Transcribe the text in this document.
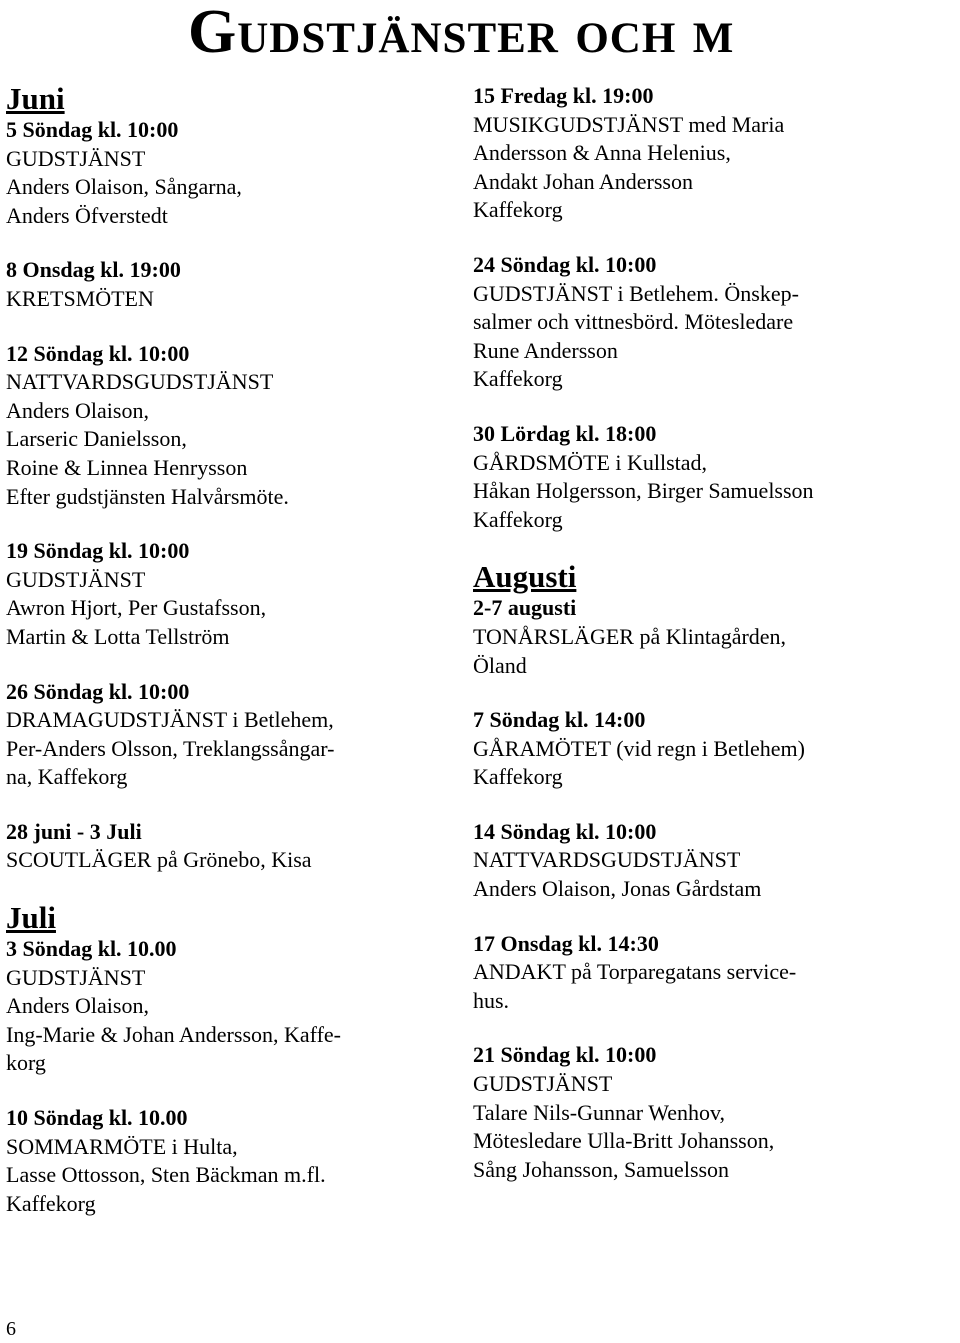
Gudstjänster och m
Juni
5 Söndag kl. 10:00
GUDSTJÄNST
Anders Olaison, Sångarna,
Anders Öfverstedt
8 Onsdag kl. 19:00
KRETSMÖTEN
12 Söndag kl. 10:00
NATTVARDSGUDSTJÄNST
Anders Olaison,
Larseric Danielsson,
Roine & Linnea Henrysson
Efter gudstjänsten Halvårsmöte.
19 Söndag kl. 10:00
GUDSTJÄNST
Awron Hjort, Per Gustafsson,
Martin & Lotta Tellström
26 Söndag kl. 10:00
DRAMAGUDSTJÄNST i Betlehem,
Per-Anders Olsson, Treklangssångar-
na, Kaffekorg
28 juni - 3 Juli
SCOUTLÄGER på Grönebo, Kisa
Juli
3 Söndag kl. 10.00
GUDSTJÄNST
Anders Olaison,
Ing-Marie & Johan Andersson, Kaffe-
korg
10 Söndag kl. 10.00
SOMMARMÖTE i Hulta,
Lasse Ottosson, Sten Bäckman m.fl.
Kaffekorg
15 Fredag kl. 19:00
MUSIKGUDSTJÄNST med Maria
Andersson & Anna Helenius,
Andakt Johan Andersson
Kaffekorg
24 Söndag kl. 10:00
GUDSTJÄNST i Betlehem. Önskep-
salmer och vittnesbörd. Mötesledare
Rune Andersson
Kaffekorg
30 Lördag kl. 18:00
GÅRDSMÖTE i Kullstad,
Håkan Holgersson, Birger Samuelsson
Kaffekorg
Augusti
2-7 augusti
TONÅRSLÄGER på Klintagården,
Öland
7 Söndag kl. 14:00
GÅRAMÖTET (vid regn i Betlehem)
Kaffekorg
14 Söndag kl. 10:00
NATTVARDSGUDSTJÄNST
Anders Olaison, Jonas Gårdstam
17 Onsdag kl. 14:30
ANDAKT på Torparegatans service-
hus.
21 Söndag kl. 10:00
GUDSTJÄNST
Talare Nils-Gunnar Wenhov,
Mötesledare Ulla-Britt Johansson,
Sång Johansson, Samuelsson
6
